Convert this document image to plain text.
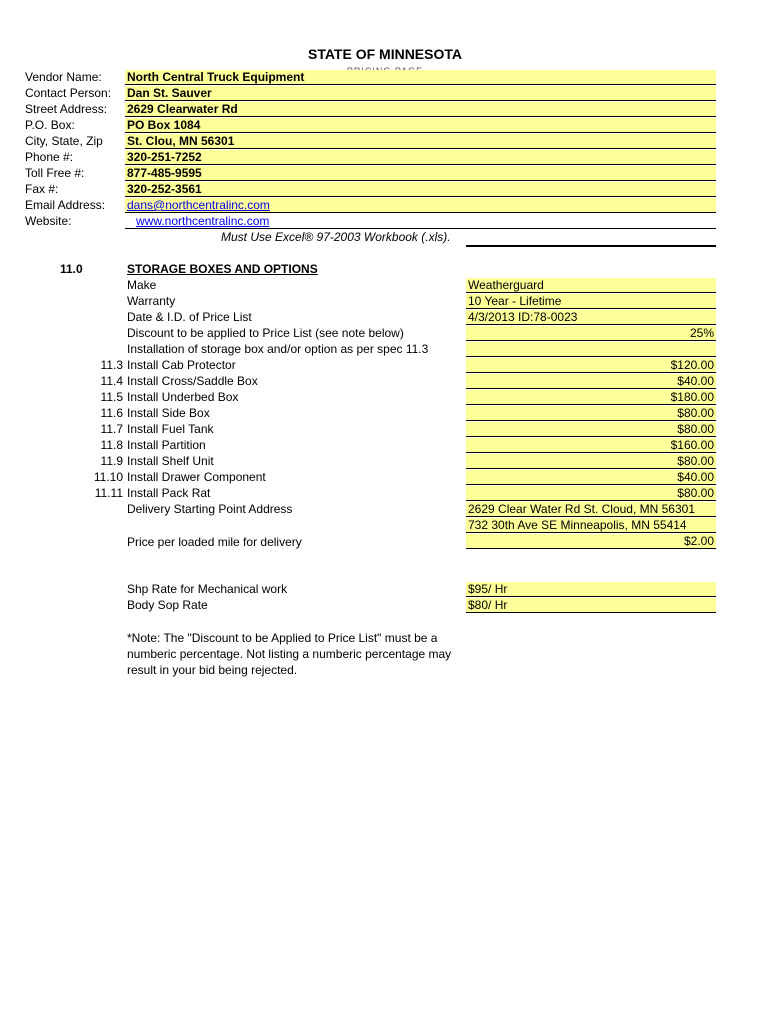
STATE OF MINNESOTA
Vendor Name: North Central Truck Equipment
Contact Person: Dan St. Sauver
Street Address: 2629 Clearwater Rd
P.O. Box:	PO Box 1084
City, State, Zip St. Clou, MN 56301
Phone #:	320-251-7252
Toll Free #:	877-485-9595
Fax #:	320-252-3561
Email Address: dans@northcentralinc.com
Website:	www.northcentralinc.com
Must Use Excel® 97-2003 Workbook (.xls).
11.0	STORAGE BOXES AND OPTIONS
Make	Weatherguard
Warranty	10 Year - Lifetime
Date & I.D. of Price List	4/3/2013 ID:78-0023
Discount to be applied to Price List (see note below)	25%
Installation of storage box and/or option as per spec 11.3
11.3 Install Cab Protector	$120.00
11.4 Install Cross/Saddle Box	$40.00
11.5 Install Underbed Box	$180.00
11.6 Install Side Box	$80.00
11.7 Install Fuel Tank	$80.00
11.8 Install Partition	$160.00
11.9 Install Shelf Unit	$80.00
11.10 Install Drawer Component	$40.00
11.11 Install Pack Rat	$80.00
Delivery Starting Point Address	2629 Clear Water Rd St. Cloud, MN 56301
732 30th Ave SE Minneapolis, MN 55414
Price per loaded mile for delivery	$2.00
Shp Rate for Mechanical work	$95/ Hr
Body Sop Rate	$80/ Hr
*Note: The "Discount to be Applied to Price List" must be a numberic percentage. Not listing a numberic percentage may result in your bid being rejected.
